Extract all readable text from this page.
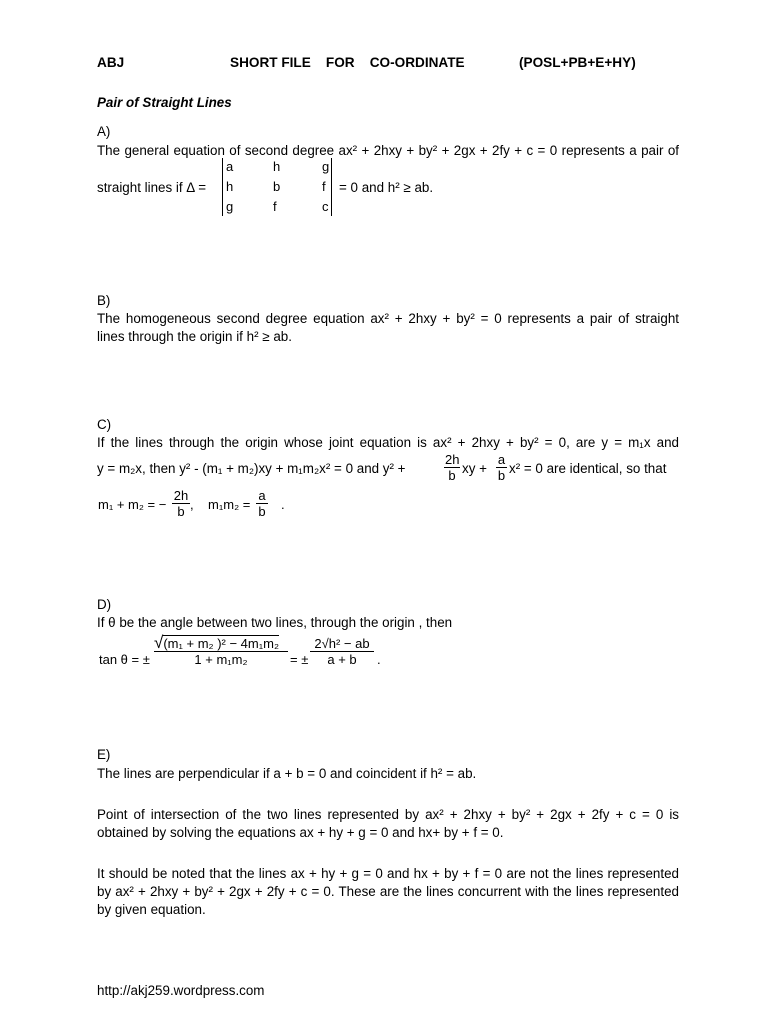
ABJ	SHORT FILE    FOR    CO-ORDINATE	(POSL+PB+E+HY)
Pair of Straight Lines
A)
The general equation of second degree ax² + 2hxy + by² + 2gx + 2fy + c = 0 represents a pair of
straight lines if Δ =
a	h	g
h	b	f
g	f	c
= 0 and h² ≥ ab.
B)
The homogeneous second degree equation ax² + 2hxy + by² = 0 represents a pair of straight
lines through the origin if h² ≥ ab.
C)
If the lines through the origin whose joint equation is ax² + 2hxy + by² = 0, are y = m₁x and
y = m₂x, then y² - (m₁ + m₂)xy + m₁m₂x² = 0 and y² +	$\frac{2h}{b}$ xy + $\frac{a}{b} x^2 = 0$ are identical, so that
m₁ + m₂ = − $\frac{2h}{b}$ ,    $m_1m_2 = \frac{a}{b}$ .
D)
If θ be the angle between two lines, through the origin , then
tan θ = ± $\frac{\text{√(m₁ + m₂ )² − 4m₁m₂}}{\text{1 + m₁m₂}}$ = ± $\frac{\text{2√h² − ab}}{a + b}$ .
E)
The lines are perpendicular if a + b = 0 and coincident if h² = ab.
Point of intersection of the two lines represented by ax² + 2hxy + by² + 2gx + 2fy + c = 0 is
obtained by solving the equations ax + hy + g = 0 and hx+ by + f = 0.
It should be noted that the lines ax + hy + g = 0 and hx + by + f = 0 are not the lines represented
by ax² + 2hxy + by² + 2gx + 2fy + c = 0. These are the lines concurrent with the lines represented
by given equation.
http://akj259.wordpress.com
